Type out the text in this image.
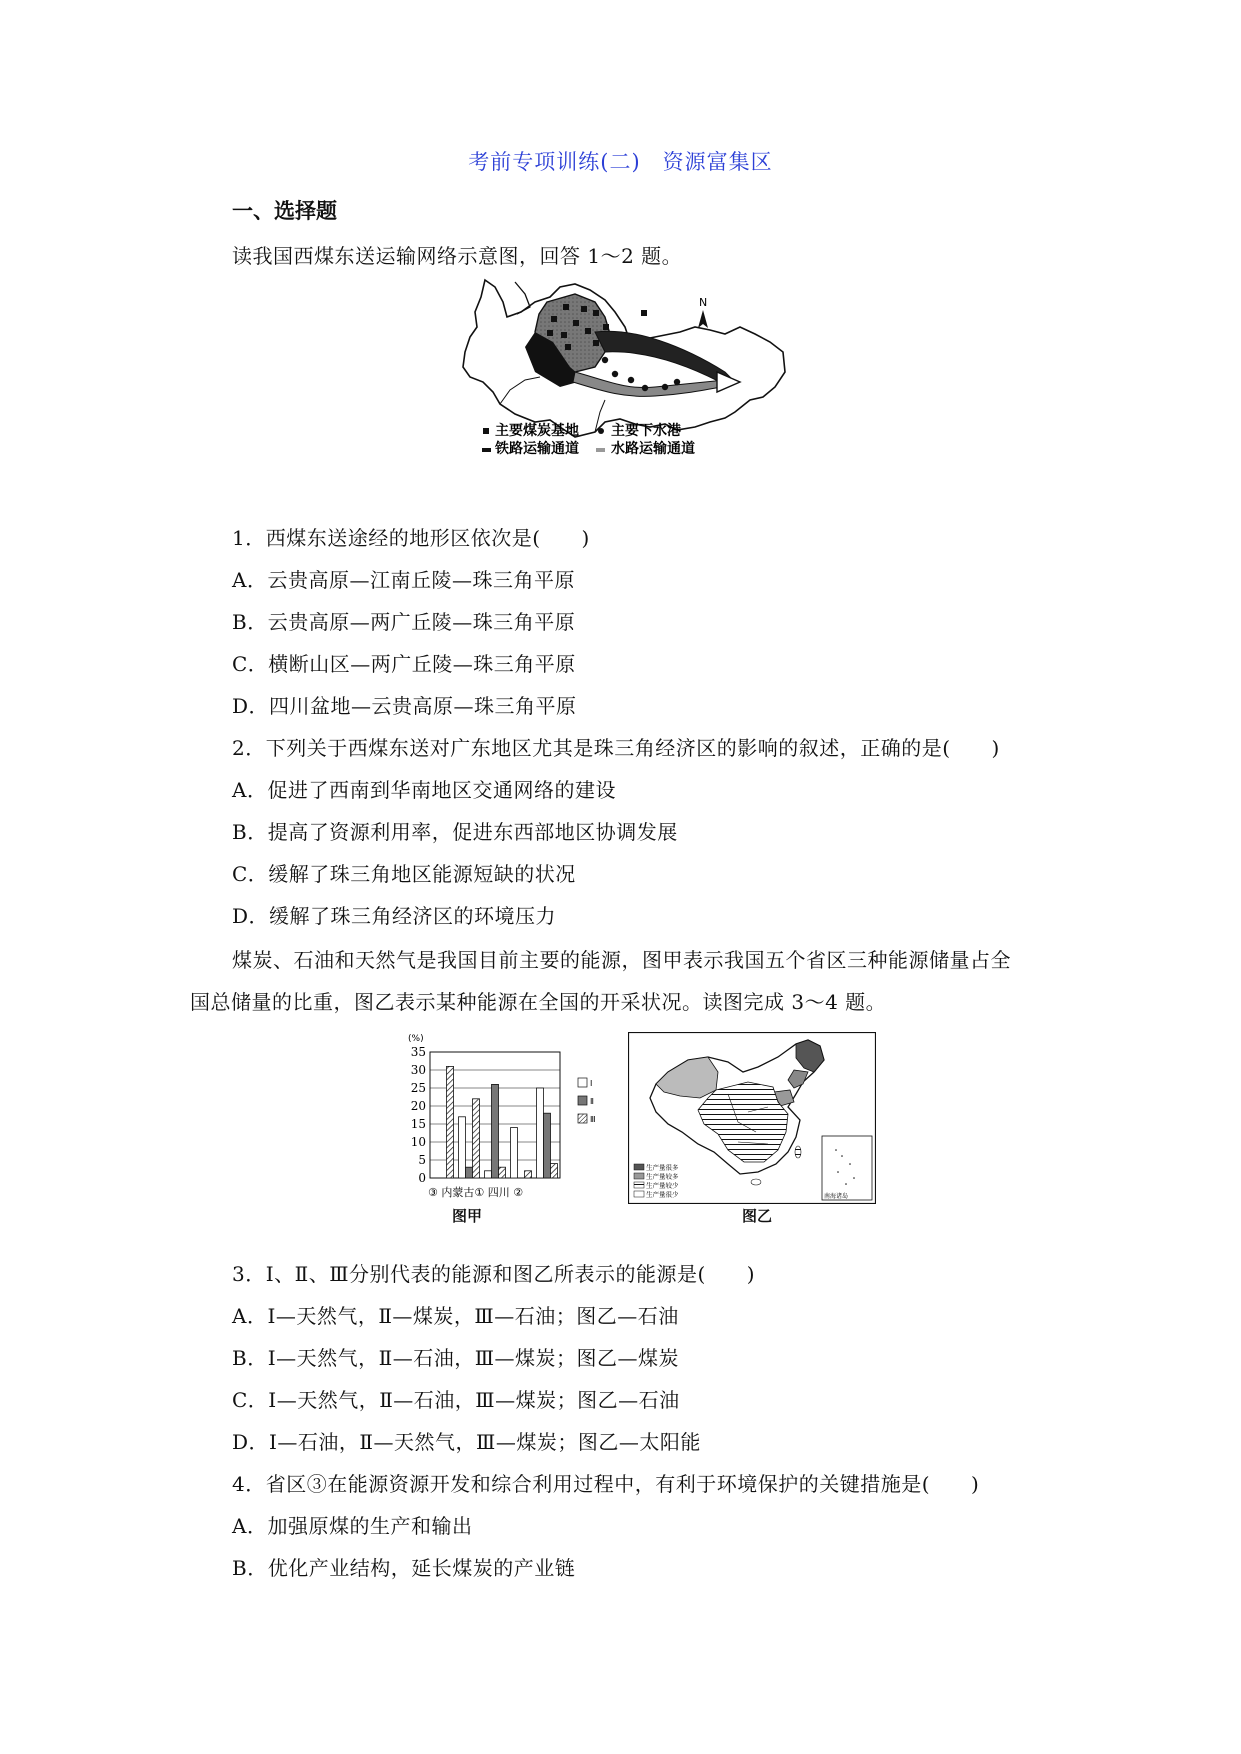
考前专项训练(二)　资源富集区
一、选择题
读我国西煤东送运输网络示意图，回答 1～2 题。
N
主要煤炭基地 主要下水港
铁路运输通道 水路运输通道
1．西煤东送途经的地形区依次是(　　)
A．云贵高原—江南丘陵—珠三角平原
B．云贵高原—两广丘陵—珠三角平原
C．横断山区—两广丘陵—珠三角平原
D．四川盆地—云贵高原—珠三角平原
2．下列关于西煤东送对广东地区尤其是珠三角经济区的影响的叙述，正确的是(　　)
A．促进了西南到华南地区交通网络的建设
B．提高了资源利用率，促进东西部地区协调发展
C．缓解了珠三角地区能源短缺的状况
D．缓解了珠三角经济区的环境压力
煤炭、石油和天然气是我国目前主要的能源，图甲表示我国五个省区三种能源储量占全
国总储量的比重，图乙表示某种能源在全国的开采状况。读图完成 3～4 题。
(%)
35
30
25
20
15
10
5
0
Ⅰ
Ⅱ
Ⅲ
③ 内蒙古① 四川 ②
图甲
南海诸岛
生产量很多
生产量较多
生产量较少
生产量很少
图乙
3．Ⅰ、Ⅱ、Ⅲ分别代表的能源和图乙所表示的能源是(　　)
A．Ⅰ—天然气，Ⅱ—煤炭，Ⅲ—石油；图乙—石油
B．Ⅰ—天然气，Ⅱ—石油，Ⅲ—煤炭；图乙—煤炭
C．Ⅰ—天然气，Ⅱ—石油，Ⅲ—煤炭；图乙—石油
D．Ⅰ—石油，Ⅱ—天然气，Ⅲ—煤炭；图乙—太阳能
4．省区③在能源资源开发和综合利用过程中，有利于环境保护的关键措施是(　　)
A．加强原煤的生产和输出
B．优化产业结构，延长煤炭的产业链
